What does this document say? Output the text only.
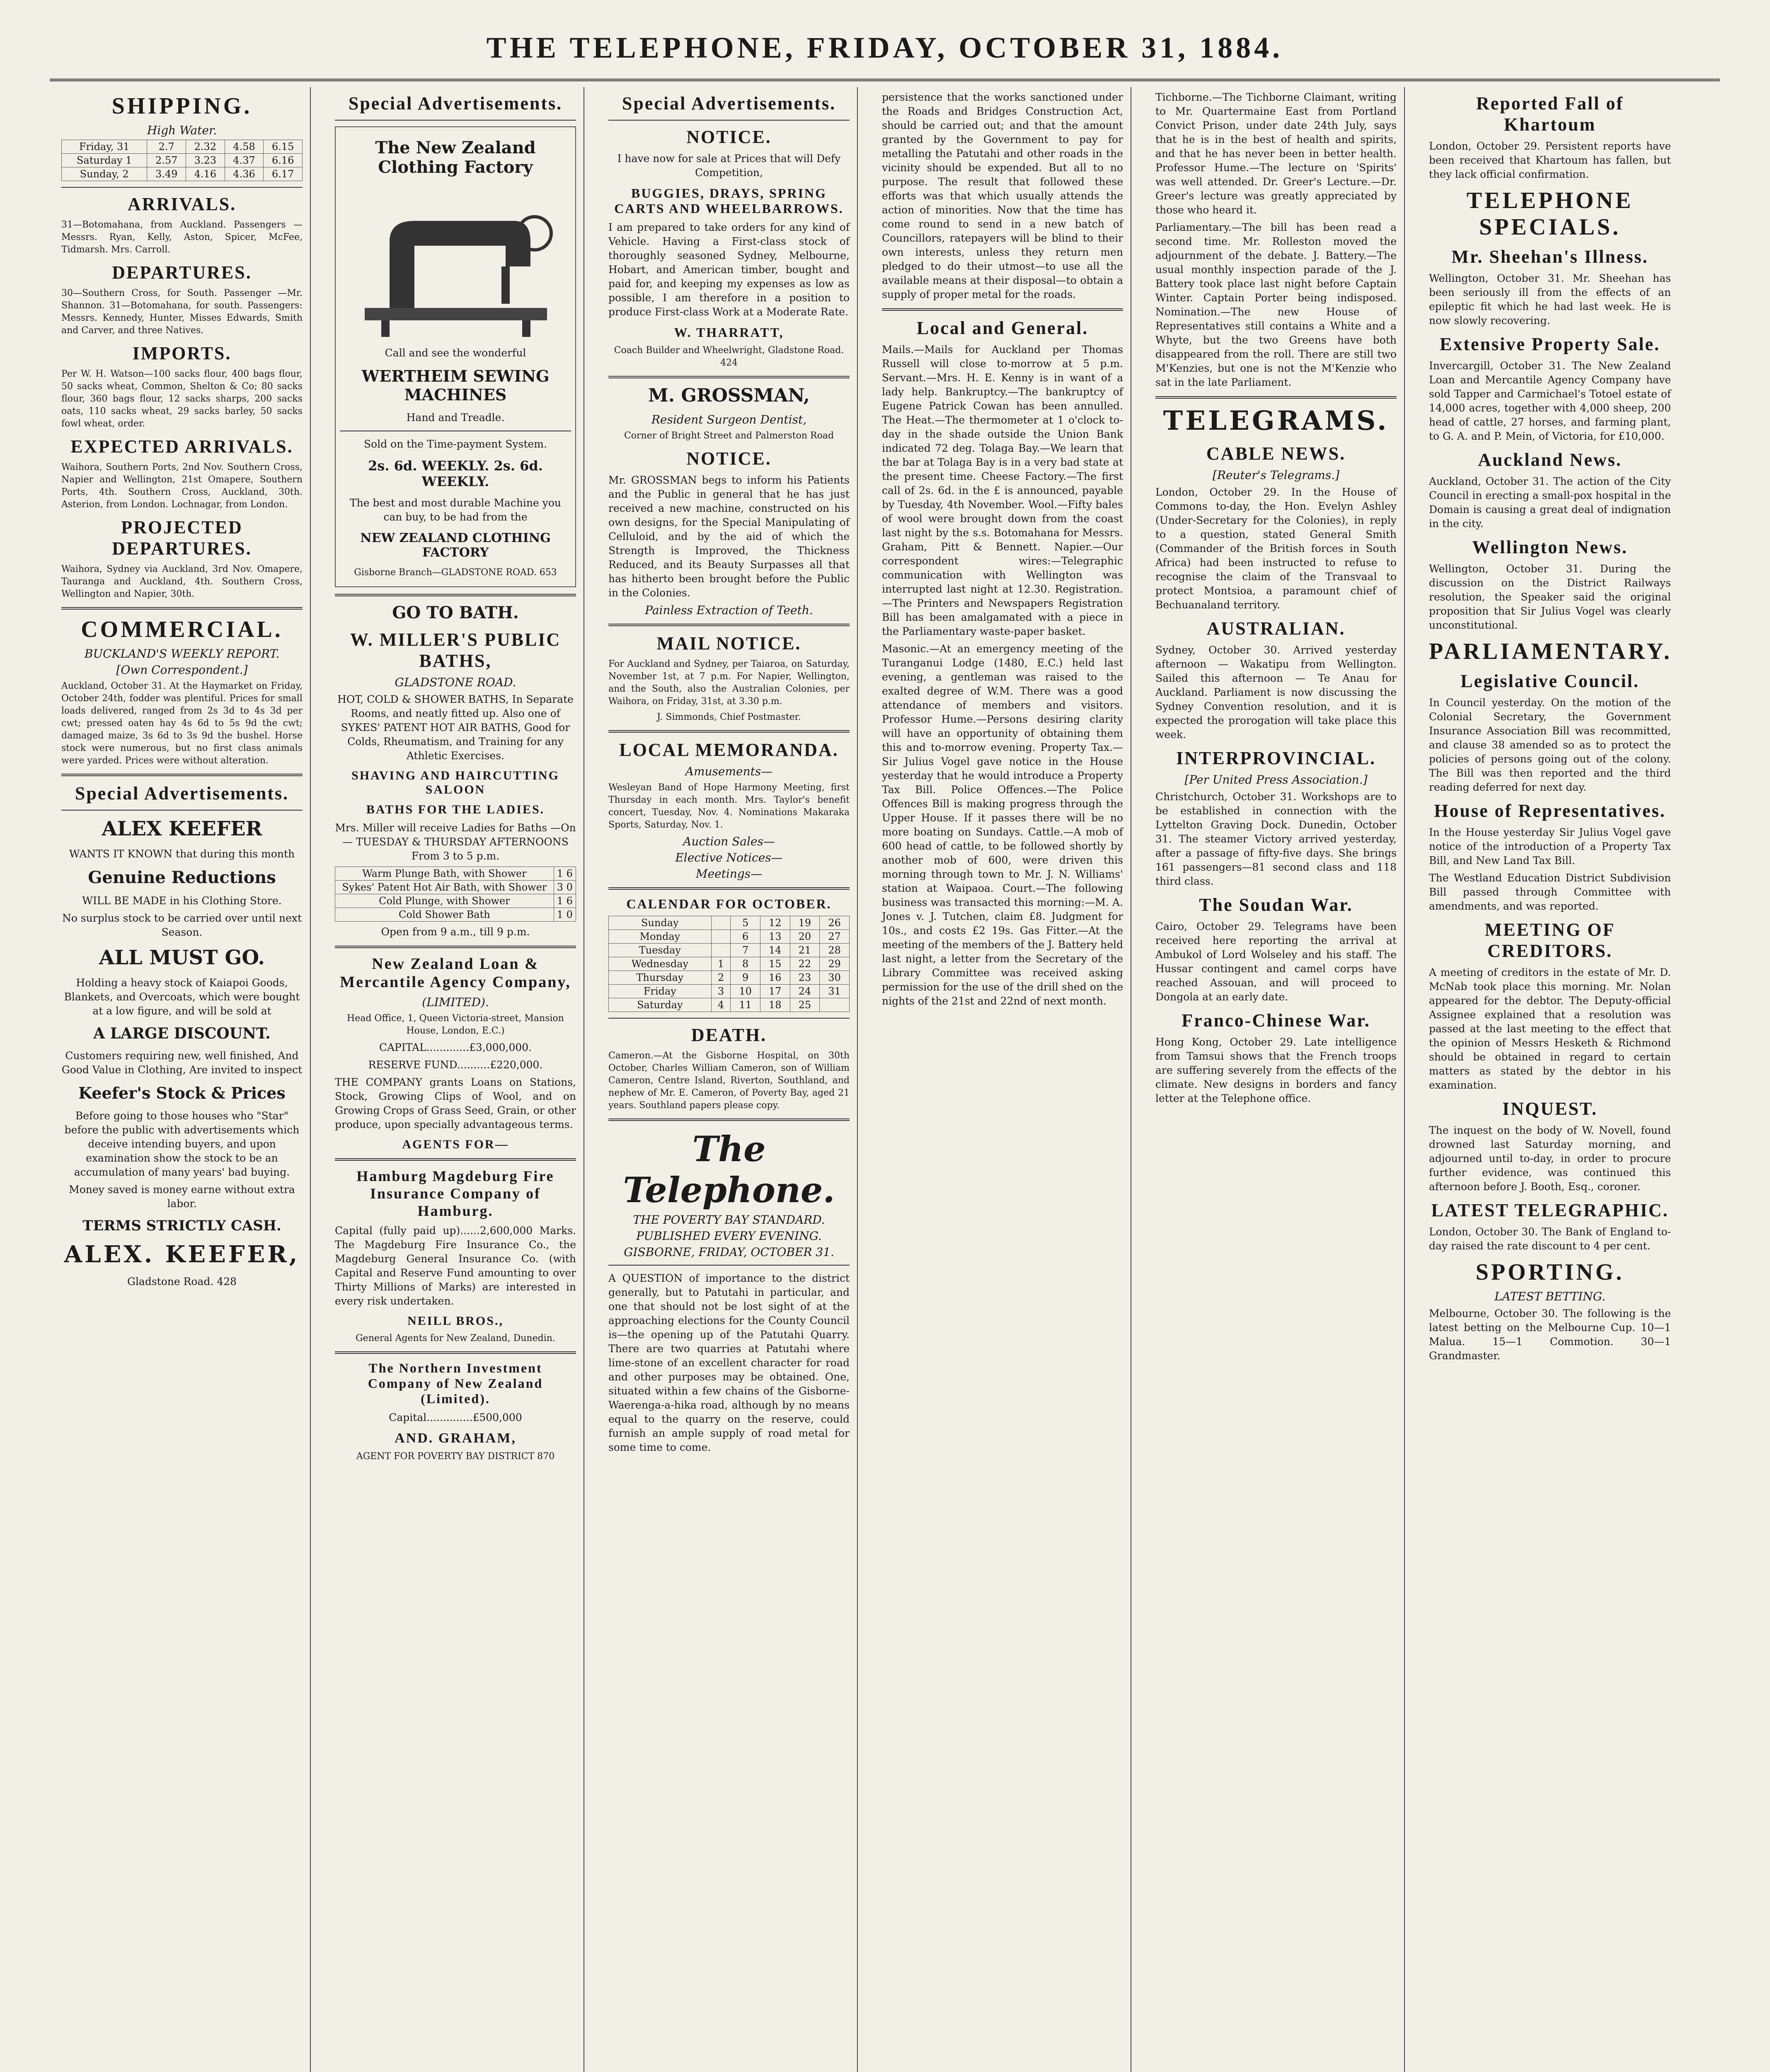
THE TELEPHONE, FRIDAY, OCTOBER 31, 1884.
SHIPPING.
High Water.
Friday, 31	2.7	2.32	4.58	6.15
Saturday 1	2.57	3.23	4.37	6.16
Sunday, 2	3.49	4.16	4.36	6.17
ARRIVALS.

31—Botomahana, from Auckland. Passengers — Messrs. Ryan, Kelly, Aston, Spicer, McFee, Tidmarsh. Mrs. Carroll.

DEPARTURES.

30—Southern Cross, for South. Passenger —Mr. Shannon. 31—Botomahana, for south. Passengers: Messrs. Kennedy, Hunter, Misses Edwards, Smith and Carver, and three Natives.

IMPORTS.

Per W. H. Watson—100 sacks flour, 400 bags flour, 50 sacks wheat, Common, Shelton & Co; 80 sacks flour, 360 bags flour, 12 sacks sharps, 200 sacks oats, 110 sacks wheat, 29 sacks barley, 50 sacks fowl wheat, order.

EXPECTED ARRIVALS.

Waihora, Southern Ports, 2nd Nov. Southern Cross, Napier and Wellington, 21st Omapere, Southern Ports, 4th. Southern Cross, Auckland, 30th. Asterion, from London. Lochnagar, from London.

PROJECTED DEPARTURES.

Waihora, Sydney via Auckland, 3rd Nov. Omapere, Tauranga and Auckland, 4th. Southern Cross, Wellington and Napier, 30th.

COMMERCIAL.
BUCKLAND'S WEEKLY REPORT.
[Own Correspondent.]

Auckland, October 31. At the Haymarket on Friday, October 24th, fodder was plentiful. Prices for small loads delivered, ranged from 2s 3d to 4s 3d per cwt; pressed oaten hay 4s 6d to 5s 9d the cwt; damaged maize, 3s 6d to 3s 9d the bushel. Horse stock were numerous, but no first class animals were yarded. Prices were without alteration.

Special Advertisements.
ALEX KEEFER

WANTS IT KNOWN that during this month

Genuine Reductions

WILL BE MADE in his Clothing Store.

No surplus stock to be carried over until next Season.

ALL MUST GO.

Holding a heavy stock of Kaiapoi Goods, Blankets, and Overcoats, which were bought at a low figure, and will be sold at

A LARGE DISCOUNT.

Customers requiring new, well finished, And Good Value in Clothing, Are invited to inspect

Keefer's Stock & Prices

Before going to those houses who "Star" before the public with advertisements which deceive intending buyers, and upon examination show the stock to be an accumulation of many years' bad buying.

Money saved is money earne without extra labor.

TERMS STRICTLY CASH.
ALEX. KEEFER,

Gladstone Road. 428

Special Advertisements.
The New Zealand Clothing Factory

Call and see the wonderful

WERTHEIM SEWING MACHINES

Hand and Treadle.

Sold on the Time-payment System.

2s. 6d. WEEKLY. 2s. 6d. WEEKLY.

The best and most durable Machine you can buy, to be had from the

NEW ZEALAND CLOTHING FACTORY

Gisborne Branch—GLADSTONE ROAD. 653

GO TO BATH.
W. MILLER'S PUBLIC BATHS,
GLADSTONE ROAD.

HOT, COLD & SHOWER BATHS, In Separate Rooms, and neatly fitted up. Also one of SYKES' PATENT HOT AIR BATHS, Good for Colds, Rheumatism, and Training for any Athletic Exercises.

SHAVING AND HAIRCUTTING SALOON
BATHS FOR THE LADIES.

Mrs. Miller will receive Ladies for Baths —On— TUESDAY & THURSDAY AFTERNOONS From 3 to 5 p.m.

Warm Plunge Bath, with Shower	1 6
Sykes' Patent Hot Air Bath, with Shower	3 0
Cold Plunge, with Shower	1 6
Cold Shower Bath	1 0

Open from 9 a.m., till 9 p.m.

New Zealand Loan & Mercantile Agency Company,
(LIMITED).

Head Office, 1, Queen Victoria-street, Mansion House, London, E.C.)

CAPITAL.............£3,000,000.

RESERVE FUND..........£220,000.

THE COMPANY grants Loans on Stations, Stock, Growing Clips of Wool, and on Growing Crops of Grass Seed, Grain, or other produce, upon specially advantageous terms.

AGENTS FOR—
Hamburg Magdeburg Fire Insurance Company of Hamburg.

Capital (fully paid up)......2,600,000 Marks. The Magdeburg Fire Insurance Co., the Magdeburg General Insurance Co. (with Capital and Reserve Fund amounting to over Thirty Millions of Marks) are interested in every risk undertaken.

NEILL BROS.,

General Agents for New Zealand, Dunedin.

The Northern Investment Company of New Zealand (Limited).

Capital..............£500,000

AND. GRAHAM,

AGENT FOR POVERTY BAY DISTRICT 870

Special Advertisements.
NOTICE.

I have now for sale at Prices that will Defy Competition,

BUGGIES, DRAYS, SPRING CARTS AND WHEELBARROWS.

I am prepared to take orders for any kind of Vehicle. Having a First-class stock of thoroughly seasoned Sydney, Melbourne, Hobart, and American timber, bought and paid for, and keeping my expenses as low as possible, I am therefore in a position to produce First-class Work at a Moderate Rate.

W. THARRATT,

Coach Builder and Wheelwright, Gladstone Road. 424

M. GROSSMAN,
Resident Surgeon Dentist,

Corner of Bright Street and Palmerston Road

NOTICE.

Mr. GROSSMAN begs to inform his Patients and the Public in general that he has just received a new machine, constructed on his own designs, for the Special Manipulating of Celluloid, and by the aid of which the Strength is Improved, the Thickness Reduced, and its Beauty Surpasses all that has hitherto been brought before the Public in the Colonies.

Painless Extraction of Teeth.
MAIL NOTICE.

For Auckland and Sydney, per Taiaroa, on Saturday, November 1st, at 7 p.m. For Napier, Wellington, and the South, also the Australian Colonies, per Waihora, on Friday, 31st, at 3.30 p.m.

J. Simmonds, Chief Postmaster.

LOCAL MEMORANDA.
Amusements—

Wesleyan Band of Hope Harmony Meeting, first Thursday in each month. Mrs. Taylor's benefit concert, Tuesday, Nov. 4. Nominations Makaraka Sports, Saturday, Nov. 1.

Auction Sales—
Elective Notices—
Meetings—
CALENDAR FOR OCTOBER.
Sunday		5	12	19	26
Monday		6	13	20	27
Tuesday		7	14	21	28
Wednesday	1	8	15	22	29
Thursday	2	9	16	23	30
Friday	3	10	17	24	31
Saturday	4	11	18	25	
DEATH.

Cameron.—At the Gisborne Hospital, on 30th October, Charles William Cameron, son of William Cameron, Centre Island, Riverton, Southland, and nephew of Mr. E. Cameron, of Poverty Bay, aged 21 years. Southland papers please copy.

The Telephone.
THE POVERTY BAY STANDARD.
PUBLISHED EVERY EVENING.
GISBORNE, FRIDAY, OCTOBER 31.

A QUESTION of importance to the district generally, but to Patutahi in particular, and one that should not be lost sight of at the approaching elections for the County Council is—the opening up of the Patutahi Quarry. There are two quarries at Patutahi where lime-stone of an excellent character for road and other purposes may be obtained. One, situated within a few chains of the Gisborne-Waerenga-a-hika road, although by no means equal to the quarry on the reserve, could furnish an ample supply of road metal for some time to come.

persistence that the works sanctioned under the Roads and Bridges Construction Act, should be carried out; and that the amount granted by the Government to pay for metalling the Patutahi and other roads in the vicinity should be expended. But all to no purpose. The result that followed these efforts was that which usually attends the action of minorities. Now that the time has come round to send in a new batch of Councillors, ratepayers will be blind to their own interests, unless they return men pledged to do their utmost—to use all the available means at their disposal—to obtain a supply of proper metal for the roads.

Local and General.

Mails.—Mails for Auckland per Thomas Russell will close to-morrow at 5 p.m. Servant.—Mrs. H. E. Kenny is in want of a lady help. Bankruptcy.—The bankruptcy of Eugene Patrick Cowan has been annulled. The Heat.—The thermometer at 1 o'clock to-day in the shade outside the Union Bank indicated 72 deg. Tolaga Bay.—We learn that the bar at Tolaga Bay is in a very bad state at the present time. Cheese Factory.—The first call of 2s. 6d. in the £ is announced, payable by Tuesday, 4th November. Wool.—Fifty bales of wool were brought down from the coast last night by the s.s. Botomahana for Messrs. Graham, Pitt & Bennett. Napier.—Our correspondent wires:—Telegraphic communication with Wellington was interrupted last night at 12.30. Registration.—The Printers and Newspapers Registration Bill has been amalgamated with a piece in the Parliamentary waste-paper basket.

Masonic.—At an emergency meeting of the Turanganui Lodge (1480, E.C.) held last evening, a gentleman was raised to the exalted degree of W.M. There was a good attendance of members and visitors. Professor Hume.—Persons desiring clarity will have an opportunity of obtaining them this and to-morrow evening. Property Tax.—Sir Julius Vogel gave notice in the House yesterday that he would introduce a Property Tax Bill. Police Offences.—The Police Offences Bill is making progress through the Upper House. If it passes there will be no more boating on Sundays. Cattle.—A mob of 600 head of cattle, to be followed shortly by another mob of 600, were driven this morning through town to Mr. J. N. Williams' station at Waipaoa. Court.—The following business was transacted this morning:—M. A. Jones v. J. Tutchen, claim £8. Judgment for 10s., and costs £2 19s. Gas Fitter.—At the meeting of the members of the J. Battery held last night, a letter from the Secretary of the Library Committee was received asking permission for the use of the drill shed on the nights of the 21st and 22nd of next month.

Tichborne.—The Tichborne Claimant, writing to Mr. Quartermaine East from Portland Convict Prison, under date 24th July, says that he is in the best of health and spirits, and that he has never been in better health. Professor Hume.—The lecture on 'Spirits' was well attended. Dr. Greer's Lecture.—Dr. Greer's lecture was greatly appreciated by those who heard it.

Parliamentary.—The bill has been read a second time. Mr. Rolleston moved the adjournment of the debate. J. Battery.—The usual monthly inspection parade of the J. Battery took place last night before Captain Winter. Captain Porter being indisposed. Nomination.—The new House of Representatives still contains a White and a Whyte, but the two Greens have both disappeared from the roll. There are still two M'Kenzies, but one is not the M'Kenzie who sat in the late Parliament.

TELEGRAMS.
CABLE NEWS.
[Reuter's Telegrams.]

London, October 29. In the House of Commons to-day, the Hon. Evelyn Ashley (Under-Secretary for the Colonies), in reply to a question, stated General Smith (Commander of the British forces in South Africa) had been instructed to refuse to recognise the claim of the Transvaal to protect Montsioa, a paramount chief of Bechuanaland territory.

AUSTRALIAN.

Sydney, October 30. Arrived yesterday afternoon — Wakatipu from Wellington. Sailed this afternoon — Te Anau for Auckland. Parliament is now discussing the Sydney Convention resolution, and it is expected the prorogation will take place this week.

INTERPROVINCIAL.
[Per United Press Association.]

Christchurch, October 31. Workshops are to be established in connection with the Lyttelton Graving Dock. Dunedin, October 31. The steamer Victory arrived yesterday, after a passage of fifty-five days. She brings 161 passengers—81 second class and 118 third class.

The Soudan War.

Cairo, October 29. Telegrams have been received here reporting the arrival at Ambukol of Lord Wolseley and his staff. The Hussar contingent and camel corps have reached Assouan, and will proceed to Dongola at an early date.

Franco-Chinese War.

Hong Kong, October 29. Late intelligence from Tamsui shows that the French troops are suffering severely from the effects of the climate. New designs in borders and fancy letter at the Telephone office.

Reported Fall of Khartoum

London, October 29. Persistent reports have been received that Khartoum has fallen, but they lack official confirmation.

TELEPHONE SPECIALS.
Mr. Sheehan's Illness.

Wellington, October 31. Mr. Sheehan has been seriously ill from the effects of an epileptic fit which he had last week. He is now slowly recovering.

Extensive Property Sale.

Invercargill, October 31. The New Zealand Loan and Mercantile Agency Company have sold Tapper and Carmichael's Totoel estate of 14,000 acres, together with 4,000 sheep, 200 head of cattle, 27 horses, and farming plant, to G. A. and P. Mein, of Victoria, for £10,000.

Auckland News.

Auckland, October 31. The action of the City Council in erecting a small-pox hospital in the Domain is causing a great deal of indignation in the city.

Wellington News.

Wellington, October 31. During the discussion on the District Railways resolution, the Speaker said the original proposition that Sir Julius Vogel was clearly unconstitutional.

PARLIAMENTARY.
Legislative Council.

In Council yesterday. On the motion of the Colonial Secretary, the Government Insurance Association Bill was recommitted, and clause 38 amended so as to protect the policies of persons going out of the colony. The Bill was then reported and the third reading deferred for next day.

House of Representatives.

In the House yesterday Sir Julius Vogel gave notice of the introduction of a Property Tax Bill, and New Land Tax Bill.

The Westland Education District Subdivision Bill passed through Committee with amendments, and was reported.

MEETING OF CREDITORS.

A meeting of creditors in the estate of Mr. D. McNab took place this morning. Mr. Nolan appeared for the debtor. The Deputy-official Assignee explained that a resolution was passed at the last meeting to the effect that the opinion of Messrs Hesketh & Richmond should be obtained in regard to certain matters as stated by the debtor in his examination.

INQUEST.

The inquest on the body of W. Novell, found drowned last Saturday morning, and adjourned until to-day, in order to procure further evidence, was continued this afternoon before J. Booth, Esq., coroner.

LATEST TELEGRAPHIC.

London, October 30. The Bank of England to-day raised the rate discount to 4 per cent.

SPORTING.
LATEST BETTING.

Melbourne, October 30. The following is the latest betting on the Melbourne Cup. 10—1 Malua. 15—1 Commotion. 30—1 Grandmaster.
